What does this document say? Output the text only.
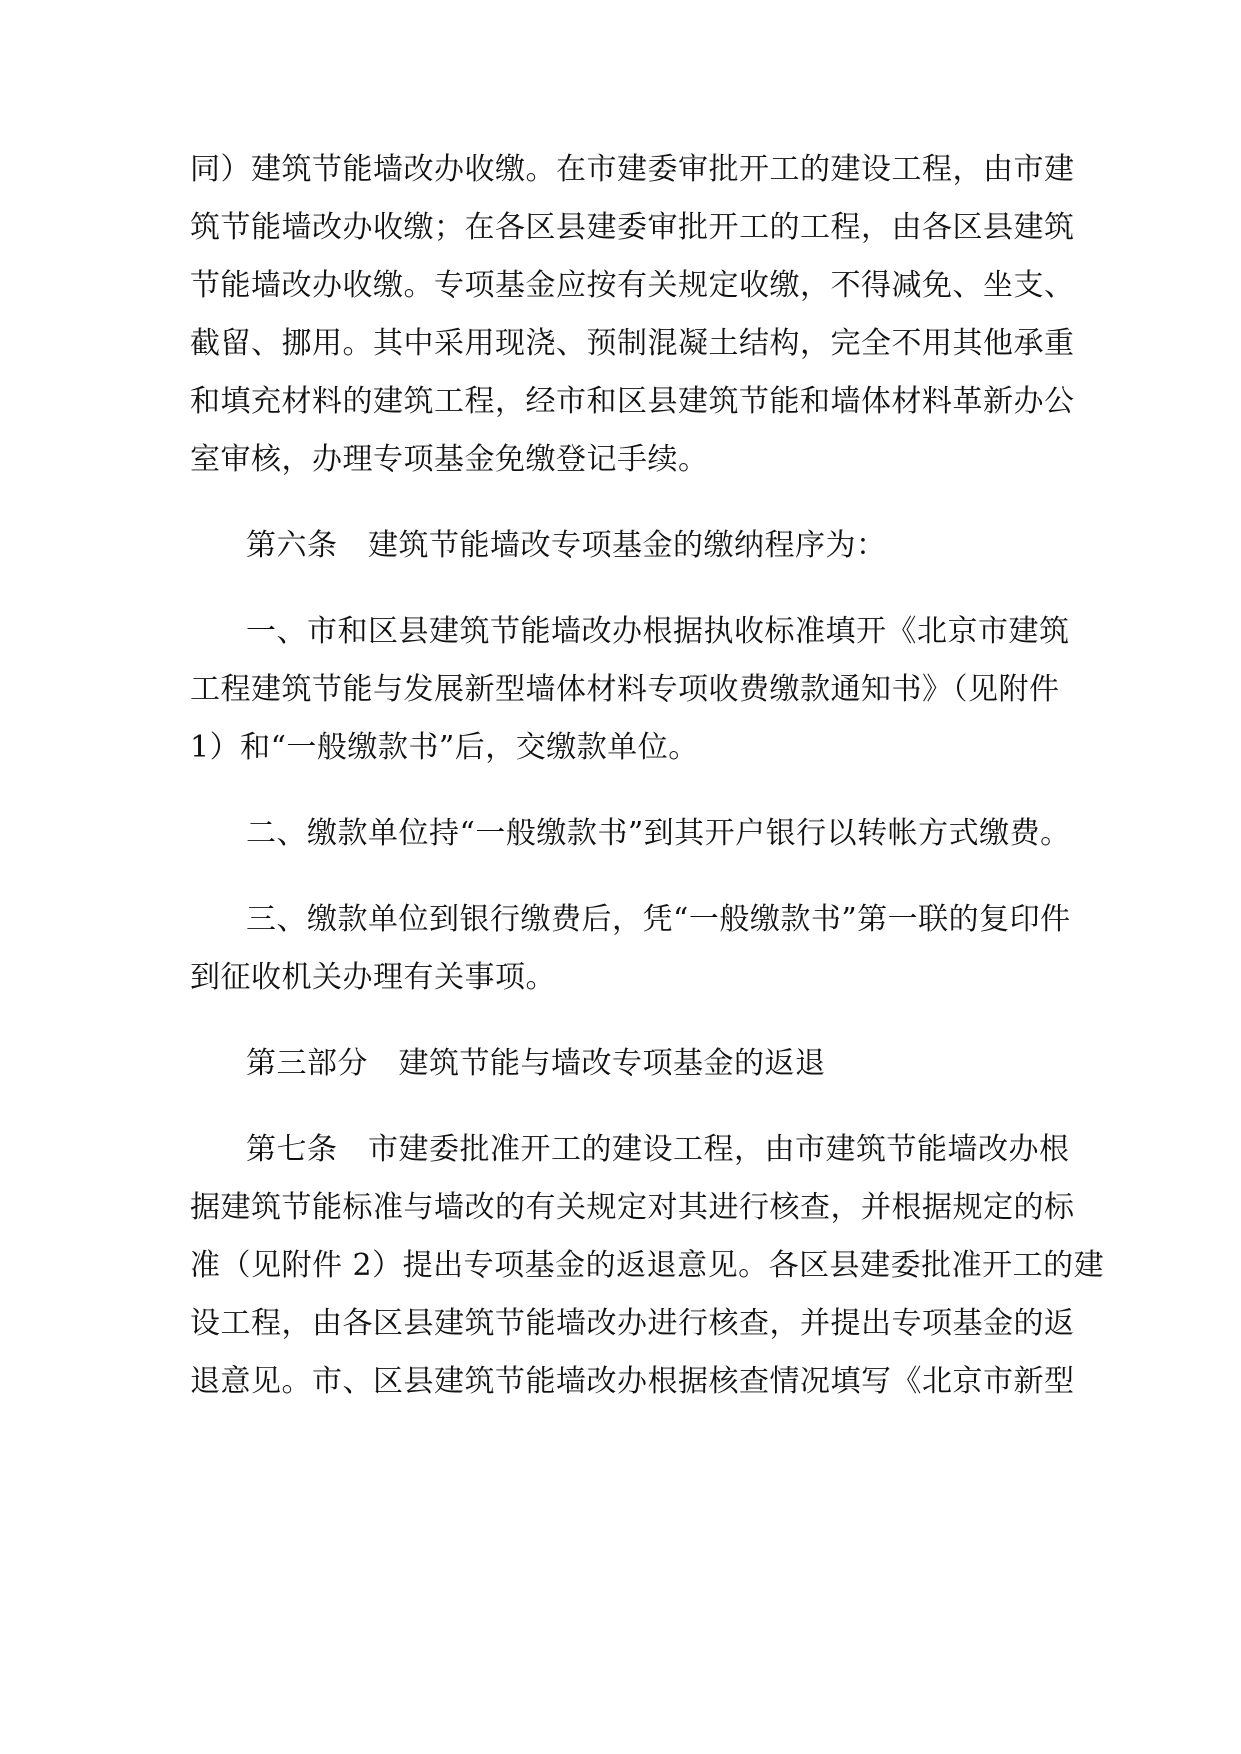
同）建筑节能墙改办收缴。在市建委审批开工的建设工程，由市建

筑节能墙改办收缴；在各区县建委审批开工的工程，由各区县建筑

节能墙改办收缴。专项基金应按有关规定收缴，不得减免、坐支、

截留、挪用。其中采用现浇、预制混凝土结构，完全不用其他承重

和填充材料的建筑工程，经市和区县建筑节能和墙体材料革新办公

室审核，办理专项基金免缴登记手续。

第六条　建筑节能墙改专项基金的缴纳程序为：

一、市和区县建筑节能墙改办根据执收标准填开《北京市建筑

工程建筑节能与发展新型墙体材料专项收费缴款通知书》（见附件

1）和“一般缴款书”后，交缴款单位。

二、缴款单位持“一般缴款书”到其开户银行以转帐方式缴费。

三、缴款单位到银行缴费后，凭“一般缴款书”第一联的复印件

到征收机关办理有关事项。

第三部分　建筑节能与墙改专项基金的返退

第七条　市建委批准开工的建设工程，由市建筑节能墙改办根

据建筑节能标准与墙改的有关规定对其进行核查，并根据规定的标

准（见附件 2）提出专项基金的返退意见。各区县建委批准开工的建

设工程，由各区县建筑节能墙改办进行核查，并提出专项基金的返

退意见。市、区县建筑节能墙改办根据核查情况填写《北京市新型
